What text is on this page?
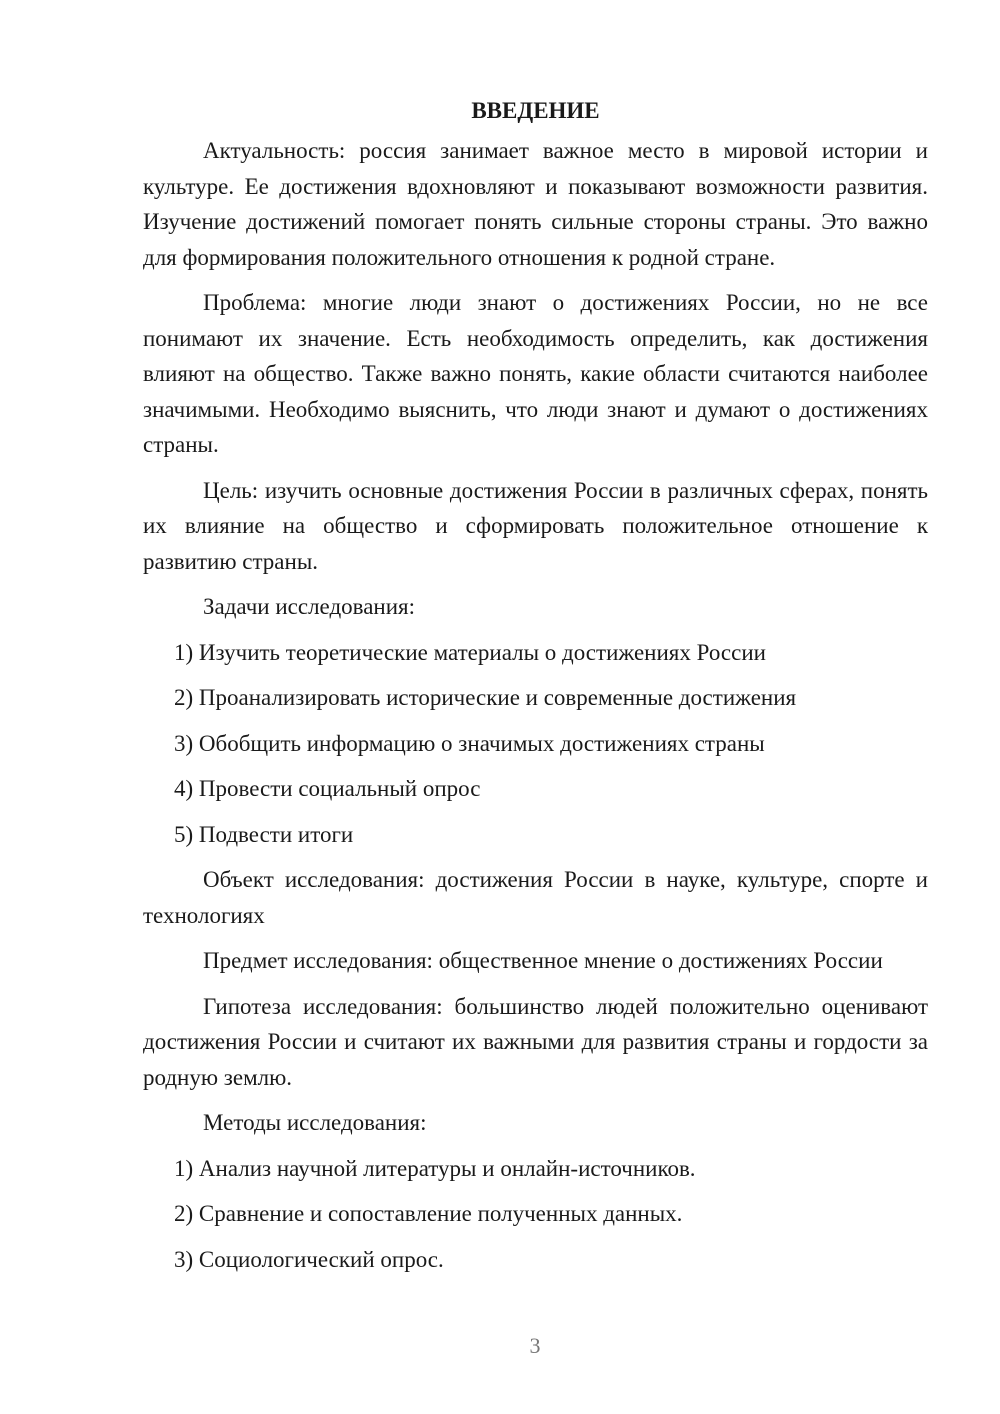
ВВЕДЕНИЕ

Актуальность: россия занимает важное место в мировой истории и культуре. Ее достижения вдохновляют и показывают возможности развития. Изучение достижений помогает понять сильные стороны страны. Это важно для формирования положительного отношения к родной стране.

Проблема: многие люди знают о достижениях России, но не все понимают их значение. Есть необходимость определить, как достижения влияют на общество. Также важно понять, какие области считаются наиболее значимыми. Необходимо выяснить, что люди знают и думают о достижениях страны.

Цель: изучить основные достижения России в различных сферах, понять их влияние на общество и сформировать положительное отношение к развитию страны.

Задачи исследования:

1) Изучить теоретические материалы о достижениях России

2) Проанализировать исторические и современные достижения

3) Обобщить информацию о значимых достижениях страны

4) Провести социальный опрос

5) Подвести итоги

Объект исследования: достижения России в науке, культуре, спорте и технологиях

Предмет исследования: общественное мнение о достижениях России

Гипотеза исследования: большинство людей положительно оценивают достижения России и считают их важными для развития страны и гордости за родную землю.

Методы исследования:

1) Анализ научной литературы и онлайн-источников.

2) Сравнение и сопоставление полученных данных.

3) Социологический опрос.

3
